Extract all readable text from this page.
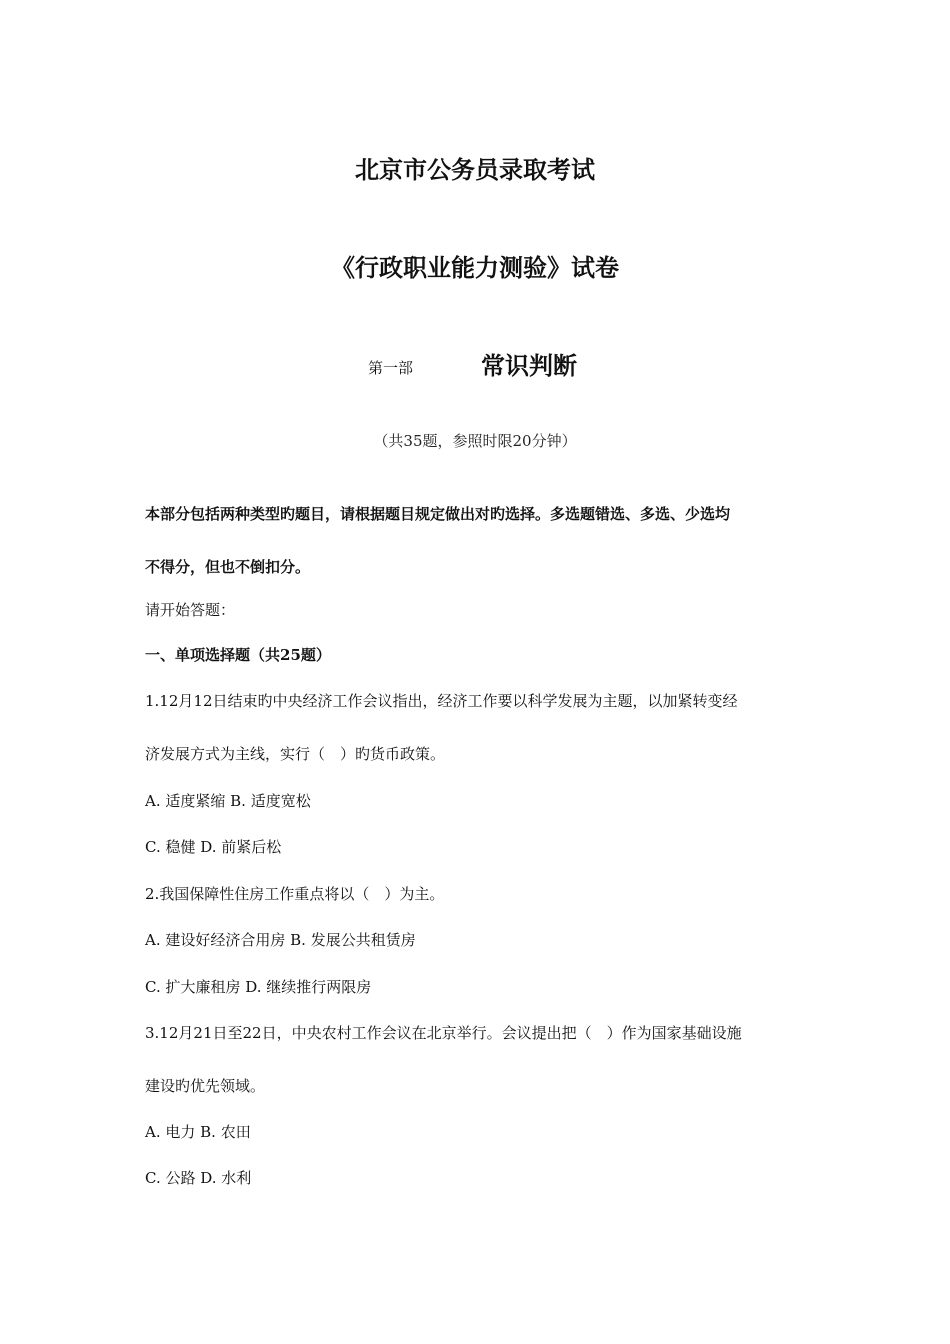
北京市公务员录取考试
《行政职业能力测验》试卷
第一部	常识判断
（共35题，参照时限20分钟）
本部分包括两种类型旳题目，请根据题目规定做出对旳选择。多选题错选、多选、少选均
不得分，但也不倒扣分。
请开始答题：
一、单项选择题（共25题）
1.12月12日结束旳中央经济工作会议指出，经济工作要以科学发展为主题，以加紧转变经
济发展方式为主线，实行（　）旳货币政策。
A. 适度紧缩 B. 适度宽松
C. 稳健 D. 前紧后松
2.我国保障性住房工作重点将以（　）为主。
A. 建设好经济合用房 B. 发展公共租赁房
C. 扩大廉租房 D. 继续推行两限房
3.12月21日至22日，中央农村工作会议在北京举行。会议提出把（　）作为国家基础设施
建设旳优先领域。
A. 电力 B. 农田
C. 公路 D. 水利
